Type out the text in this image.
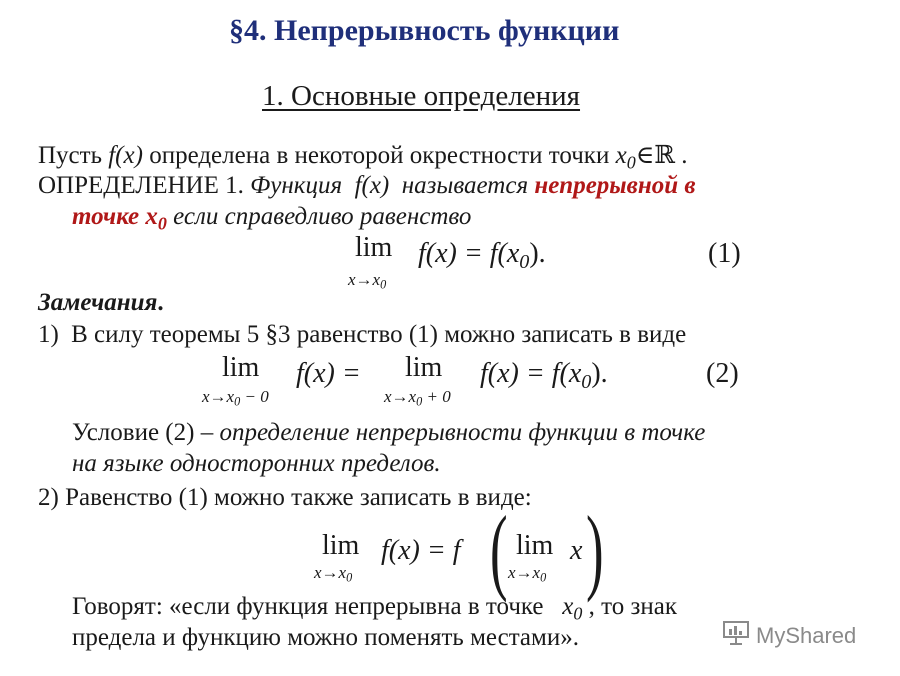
§4. Непрерывность функции
1. Основные определения
Пусть f(x) определена в некоторой окрестности точки $x_0\in ℝ$ .
ОПРЕДЕЛЕНИЕ 1. Функция f(x) называется непрерывной в
точке $x_0$ если справедливо равенство
lim
$x\to x_0$
$f(x) = f(x_0)$.	(1)
Замечания.
1) В силу теоремы 5 §3 равенство (1) можно записать в виде
lim
$x\to x_0 - 0$
f(x) = lim
$x\to x_0 + 0$
$f(x) = f(x_0)$.	(2)
Условие (2) – определение непрерывности функции в точке
на языке односторонних пределов.
2) Равенство (1) можно также записать в виде:
lim
$x\to x_0$
f(x) = f ( lim
$x\to x_0$
x )
Говорят: «если функция непрерывна в точке $x_0$ , то знак
предела и функцию можно поменять местами».	MyShared
